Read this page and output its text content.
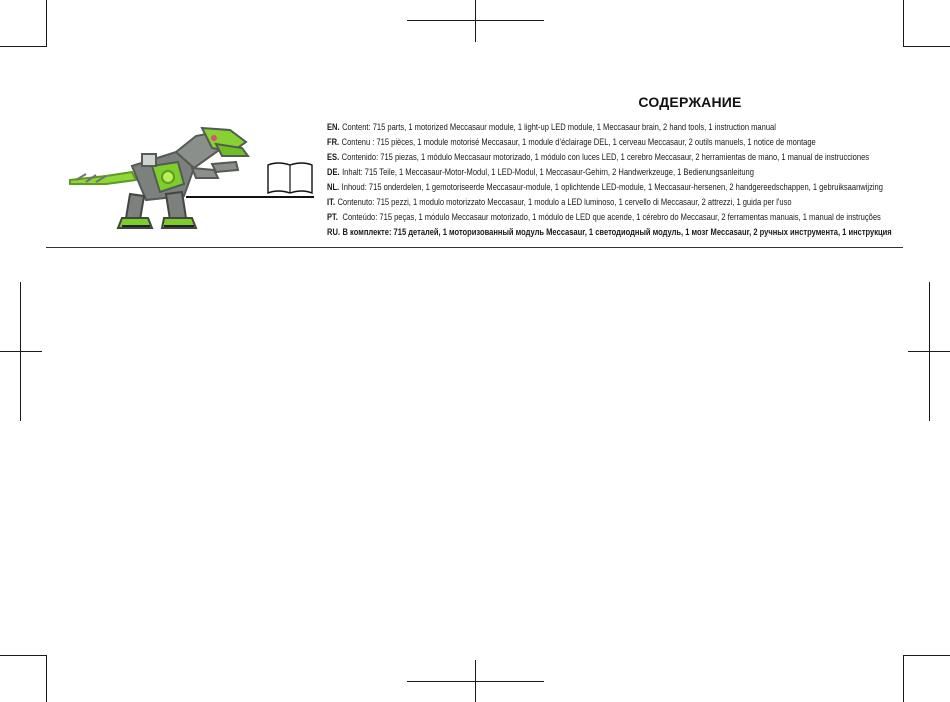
СОДЕРЖАНИЕ
EN. Content: 715 parts, 1 motorized Meccasaur module, 1 light-up LED module, 1 Meccasaur brain, 2 hand tools, 1 instruction manual
FR. Contenu : 715 pièces, 1 module motorisé Meccasaur, 1 module d’éclairage DEL, 1 cerveau Meccasaur, 2 outils manuels, 1 notice de montage
ES. Contenido: 715 piezas, 1 módulo Meccasaur motorizado, 1 módulo con luces LED, 1 cerebro Meccasaur, 2 herramientas de mano, 1 manual de instrucciones
DE. Inhalt: 715 Teile, 1 Meccasaur-Motor-Modul, 1 LED-Modul, 1 Meccasaur-Gehirn, 2 Handwerkzeuge, 1 Bedienungsanleitung
NL. Inhoud: 715 onderdelen, 1 gemotoriseerde Meccasaur-module, 1 oplichtende LED-module, 1 Meccasaur-hersenen, 2 handgereedschappen, 1 gebruiksaanwijzing
IT. Contenuto: 715 pezzi, 1 modulo motorizzato Meccasaur, 1 modulo a LED luminoso, 1 cervello di Meccasaur, 2 attrezzi, 1 guida per l'uso
PT. Conteúdo: 715 peças, 1 módulo Meccasaur motorizado, 1 módulo de LED que acende, 1 cérebro do Meccasaur, 2 ferramentas manuais, 1 manual de instruções
RU. В комплекте: 715 деталей, 1 моторизованный модуль Meccasaur, 1 светодиодный модуль, 1 мозг Meccasaur, 2 ручных инструмента, 1 инструкция
